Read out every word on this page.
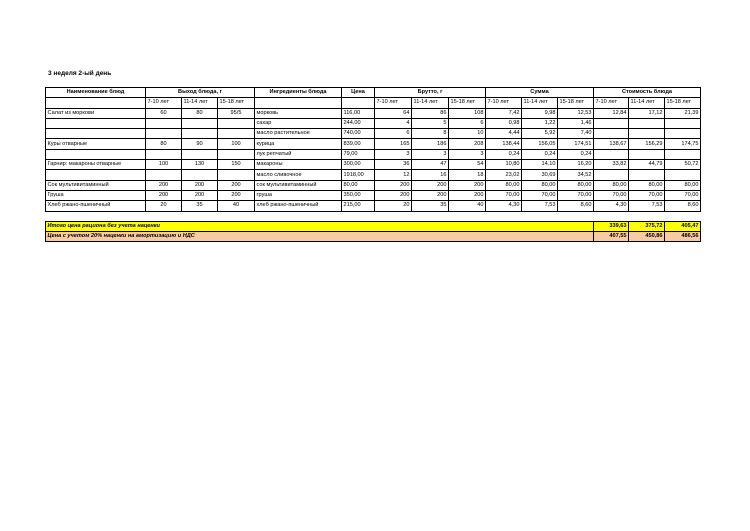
3 неделя 2-ый день
Наименование блюд	Выход блюда, г			Ингредиенты блюда	Цена	Брутто, г			Сумма			Стоимость блюда		
	7-10 лет	11-14 лет	15-18 лет			7-10 лет	11-14 лет	15-18 лет	7-10 лет	11-14 лет	15-18 лет	7-10 лет	11-14 лет	15-18 лет
Салат из моркови	60	80	95/5	морковь	116,00	64	86	108	7,42	9,98	12,53	12,84	17,12	21,39
				сахар	244,00	4	5	6	0,98	1,22	1,46			
				масло растительное	740,00	6	8	10	4,44	5,92	7,40			
Куры отварные	80	90	100	курица	839,00	165	186	208	138,44	156,05	174,51	138,67	156,29	174,75
				лук репчатый	79,00	3	3	3	0,24	0,24	0,24			
Гарнир: макароны отварные	100	130	150	макароны	300,00	36	47	54	10,80	14,10	16,20	33,82	44,79	50,72
				масло сливочное	1918,00	12	16	18	23,02	30,69	34,52			
Сок мультивитаминный	200	200	200	сок мультивитаминный	80,00	200	200	200	80,00	80,00	80,00	80,00	80,00	80,00
Груша	200	200	200	груша	350,00	200	200	200	70,00	70,00	70,00	70,00	70,00	70,00
Хлеб ржано-пшеничный	20	35	40	хлеб ржано-пшеничный	215,00	20	35	40	4,30	7,53	8,60	4,30	7,53	8,60

Итого цена рациона без учета наценки												339,63	375,72	405,47
Цена с учетом 20% наценки на амортизацию и НДС												407,55	450,86	486,56
